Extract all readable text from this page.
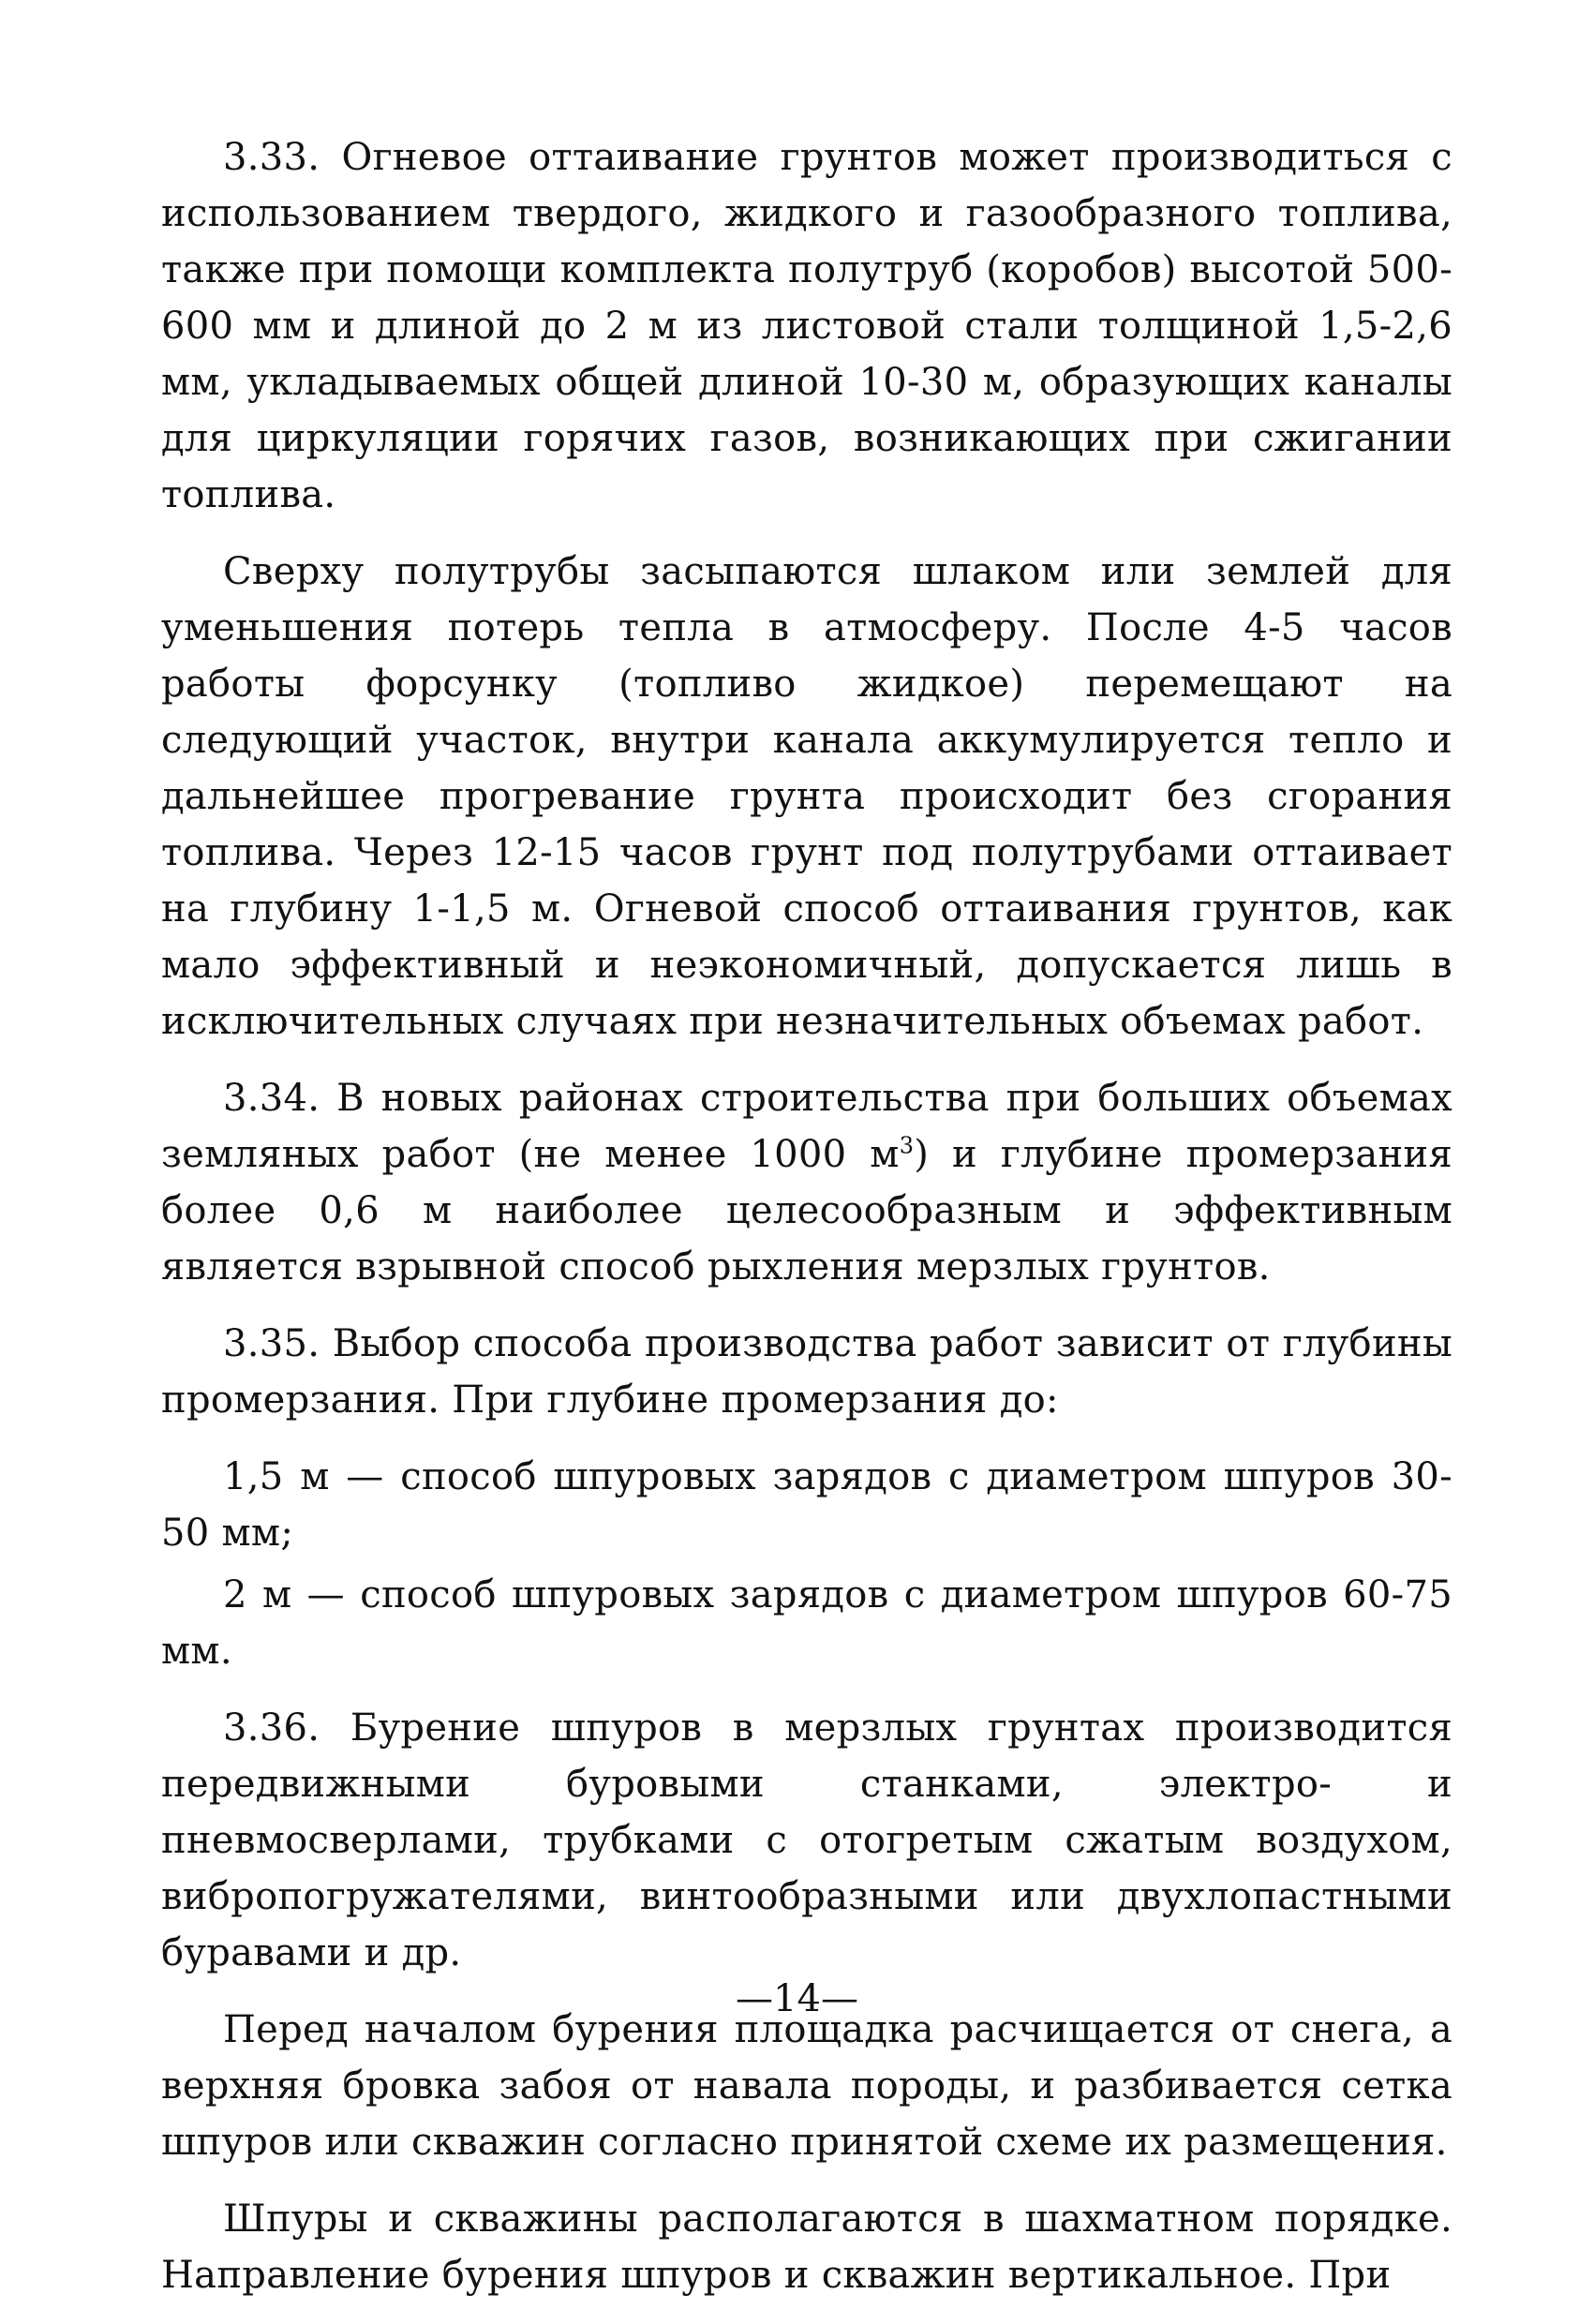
3.33. Огневое оттаивание грунтов может производиться с использованием твердого, жидкого и газообразного топлива, также при помощи комплекта полутруб (коробов) высотой 500-600 мм и длиной до 2 м из листовой стали толщиной 1,5-2,6 мм, укладываемых общей длиной 10-30 м, образующих каналы для циркуляции горячих газов, возникающих при сжигании топлива.

Сверху полутрубы засыпаются шлаком или землей для уменьшения потерь тепла в атмосферу. После 4-5 часов работы форсунку (топливо жидкое) перемещают на следующий участок, внутри канала аккумулируется тепло и дальнейшее прогревание грунта происходит без сгорания топлива. Через 12-15 часов грунт под полутрубами оттаивает на глубину 1-1,5 м. Огневой способ оттаивания грунтов, как мало эффективный и неэкономичный, допускается лишь в исключительных случаях при незначительных объемах работ.

3.34. В новых районах строительства при больших объемах земляных работ (не менее 1000 $м^3$) и глубине промерзания более 0,6 м наиболее целесообразным и эффективным является взрывной способ рыхления мерзлых грунтов.

3.35. Выбор способа производства работ зависит от глубины промерзания. При глубине промерзания до:

1,5 м — способ шпуровых зарядов с диаметром шпуров 30-50 мм;

2 м — способ шпуровых зарядов с диаметром шпуров 60-75 мм.

3.36. Бурение шпуров в мерзлых грунтах производится передвижными буровыми станками, электро- и пневмосверлами, трубками с отогретым сжатым воздухом, вибропогружателями, винтообразными или двухлопастными буравами и др.

Перед началом бурения площадка расчищается от снега, а верхняя бровка забоя от навала породы, и разбивается сетка шпуров или скважин согласно принятой схеме их размещения.

Шпуры и скважины располагаются в шахматном порядке. Направление бурения шпуров и скважин вертикальное. При

—14—
